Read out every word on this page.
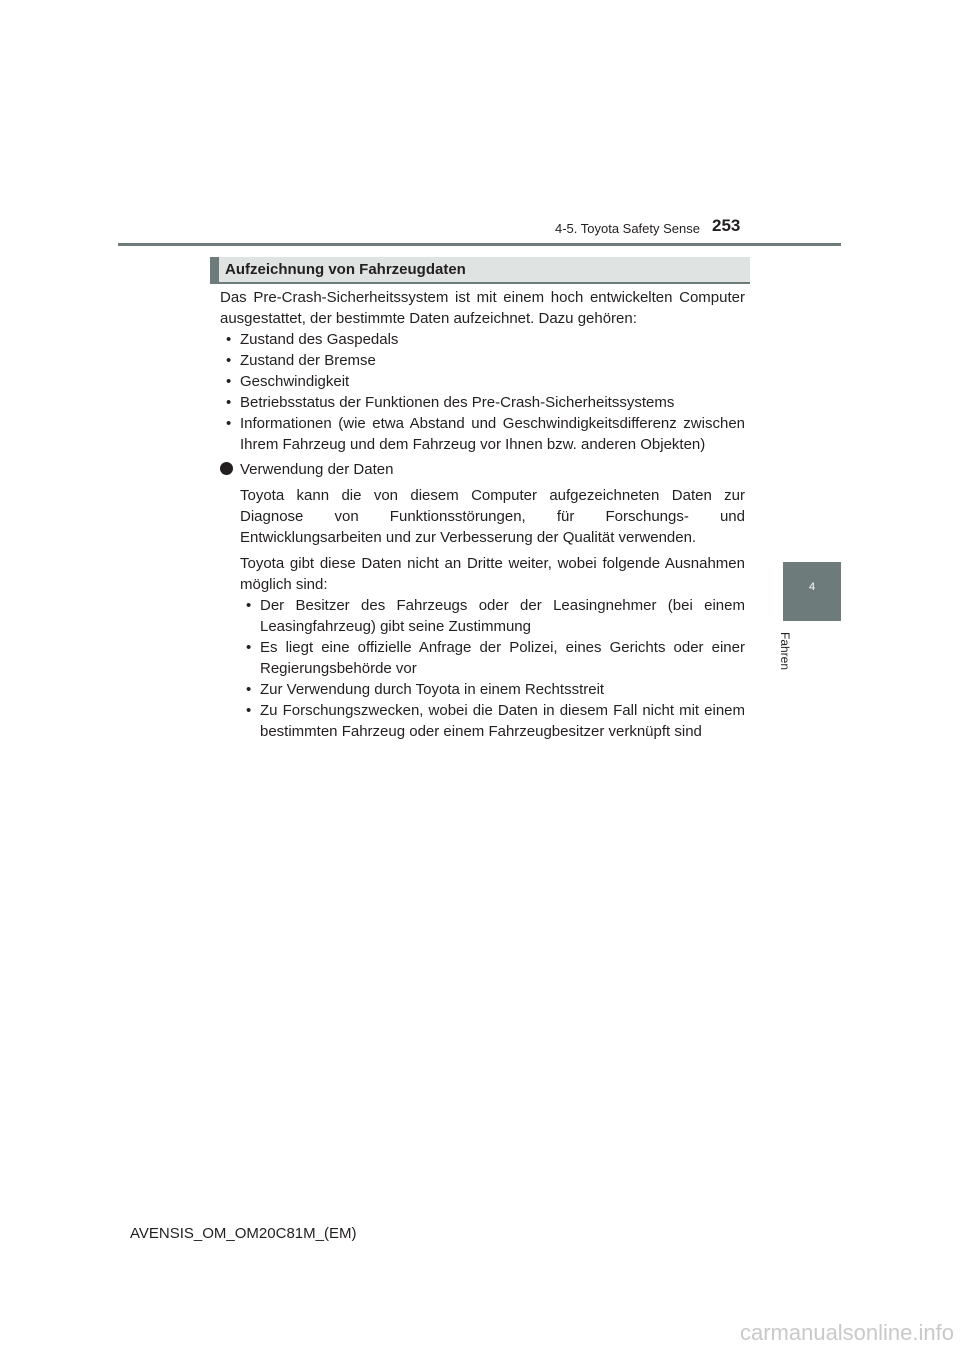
4-5. Toyota Safety Sense 253
4
Fahren
Aufzeichnung von Fahrzeugdaten
Das Pre-Crash-Sicherheitssystem ist mit einem hoch entwickelten Computer
ausgestattet, der bestimmte Daten aufzeichnet. Dazu gehören:
• Zustand des Gaspedals
• Zustand der Bremse
• Geschwindigkeit
• Betriebsstatus der Funktionen des Pre-Crash-Sicherheitssystems
• Informationen (wie etwa Abstand und Geschwindigkeitsdifferenz zwischen Ihrem Fahrzeug und dem Fahrzeug vor Ihnen bzw. anderen Objekten)
Verwendung der Daten
Toyota kann die von diesem Computer aufgezeichneten Daten zur Diagnose von Funktionsstörungen, für Forschungs- und Entwicklungsarbeiten und zur Verbesserung der Qualität verwenden.
Toyota gibt diese Daten nicht an Dritte weiter, wobei folgende Ausnahmen möglich sind:
• Der Besitzer des Fahrzeugs oder der Leasingnehmer (bei einem Leasingfahrzeug) gibt seine Zustimmung
• Es liegt eine offizielle Anfrage der Polizei, eines Gerichts oder einer Regierungsbehörde vor
• Zur Verwendung durch Toyota in einem Rechtsstreit
• Zu Forschungszwecken, wobei die Daten in diesem Fall nicht mit einem bestimmten Fahrzeug oder einem Fahrzeugbesitzer verknüpft sind
AVENSIS_OM_OM20C81M_(EM)
carmanualsonline.info
